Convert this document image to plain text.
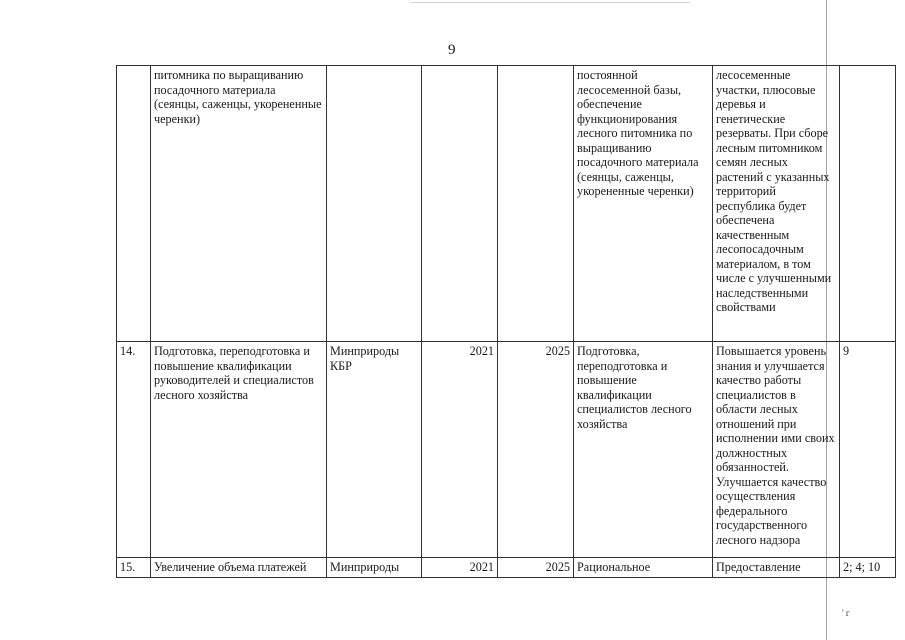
9
	питомника по выращиванию посадочного материала (сеянцы, саженцы, укорененные черенки)				постоянной лесосеменной базы, обеспечение функционирования лесного питомника по выращиванию посадочного материала (сеянцы, саженцы, укорененные черенки)	лесосеменные участки, плюсовые деревья и генетические резерваты. При сборе лесным питомником семян лесных растений с указанных территорий республика будет обеспечена качественным лесопосадочным материалом, в том числе с улучшенными наследственными свойствами	
14.	Подготовка, переподготовка и повышение квалификации руководителей и специалистов лесного хозяйства	Минприроды КБР	2021	2025	Подготовка, переподготовка и повышение квалификации специалистов лесного хозяйства	Повышается уровень знания и улучшается качество работы специалистов в области лесных отношений при исполнении ими своих должностных обязанностей. Улучшается качество осуществления федерального государственного лесного надзора	9
15.	Увеличение объема платежей	Минприроды	2021	2025	Рациональное	Предоставление	2; 4; 10
' г
